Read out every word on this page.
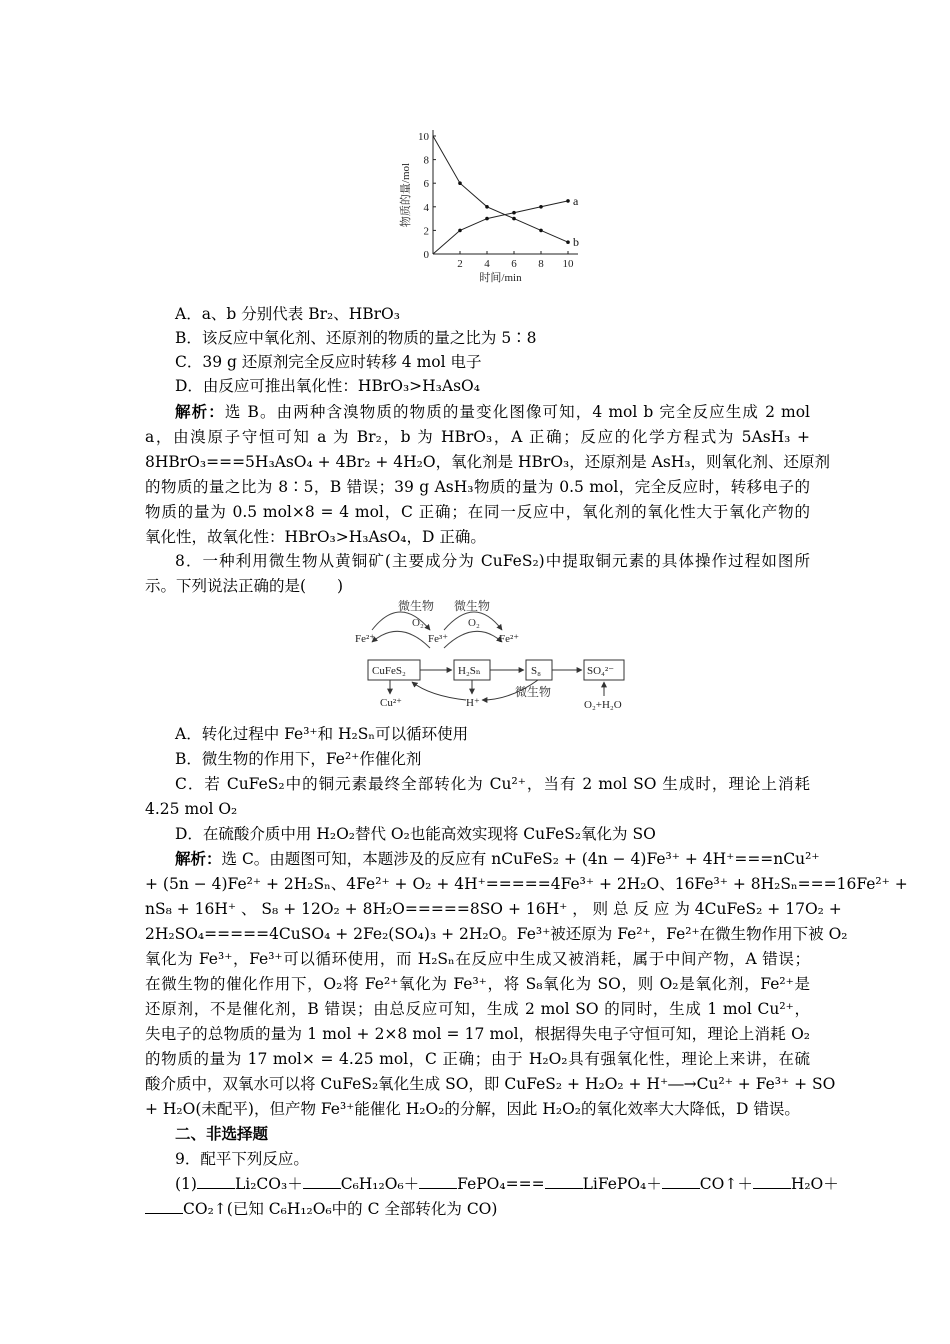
0
2
4
6
8
10
2 4 6 8 10
时间/min
物质的量/mol	a
b
A．a、b 分别代表 Br₂、HBrO₃
B．该反应中氧化剂、还原剂的物质的量之比为 5∶8
C．39 g 还原剂完全反应时转移 4 mol 电子
D．由反应可推出氧化性：HBrO₃>H₃AsO₄
解析：选 B。由两种含溴物质的物质的量变化图像可知，4 mol b 完全反应生成 2 mol
a，由溴原子守恒可知 a 为 Br₂，b 为 HBrO₃，A 正确；反应的化学方程式为 5AsH₃ +
8HBrO₃===5H₃AsO₄ + 4Br₂ + 4H₂O，氧化剂是 HBrO₃，还原剂是 AsH₃，则氧化剂、还原剂
的物质的量之比为 8∶5，B 错误；39 g AsH₃物质的量为 0.5 mol，完全反应时，转移电子的
物质的量为 0.5 mol×8 = 4 mol，C 正确；在同一反应中，氧化剂的氧化性大于氧化产物的
氧化性，故氧化性：HBrO₃>H₃AsO₄，D 正确。
8．一种利用微生物从黄铜矿(主要成分为 CuFeS₂)中提取铜元素的具体操作过程如图所
示。下列说法正确的是(　　)
微生物 微生物
O₂	O₂
Fe²⁺	Fe³⁺	Fe²⁺
CuFeS₂	H₂Sₙ	S₈	SO₄²⁻
Cu²⁺	H⁺
微生物
O₂+H₂O
A．转化过程中 Fe³⁺和 H₂Sₙ可以循环使用
B．微生物的作用下，Fe²⁺作催化剂
C．若 CuFeS₂中的铜元素最终全部转化为 Cu²⁺，当有 2 mol SO 生成时，理论上消耗
4.25 mol O₂
D．在硫酸介质中用 H₂O₂替代 O₂也能高效实现将 CuFeS₂氧化为 SO
解析：选 C。由题图可知，本题涉及的反应有 nCuFeS₂ + (4n − 4)Fe³⁺ + 4H⁺===nCu²⁺
+ (5n − 4)Fe²⁺ + 2H₂Sₙ、4Fe²⁺ + O₂ + 4H⁺=====4Fe³⁺ + 2H₂O、16Fe³⁺ + 8H₂Sₙ===16Fe²⁺ +
nS₈ + 16H⁺ 、 S₈ + 12O₂ + 8H₂O=====8SO + 16H⁺ ， 则 总 反 应 为 4CuFeS₂ + 17O₂ +
2H₂SO₄=====4CuSO₄ + 2Fe₂(SO₄)₃ + 2H₂O。Fe³⁺被还原为 Fe²⁺，Fe²⁺在微生物作用下被 O₂
氧化为 Fe³⁺，Fe³⁺可以循环使用，而 H₂Sₙ在反应中生成又被消耗，属于中间产物，A 错误；
在微生物的催化作用下，O₂将 Fe²⁺氧化为 Fe³⁺，将 S₈氧化为 SO，则 O₂是氧化剂，Fe²⁺是
还原剂，不是催化剂，B 错误；由总反应可知，生成 2 mol SO 的同时，生成 1 mol Cu²⁺，
失电子的总物质的量为 1 mol + 2×8 mol = 17 mol，根据得失电子守恒可知，理论上消耗 O₂
的物质的量为 17 mol× = 4.25 mol，C 正确；由于 H₂O₂具有强氧化性，理论上来讲，在硫
酸介质中，双氧水可以将 CuFeS₂氧化生成 SO，即 CuFeS₂ + H₂O₂ + H⁺―→Cu²⁺ + Fe³⁺ + SO
+ H₂O(未配平)，但产物 Fe³⁺能催化 H₂O₂的分解，因此 H₂O₂的氧化效率大大降低，D 错误。
二、非选择题
9．配平下列反应。
(1) Li₂CO₃＋ C₆H₁₂O₆＋ FePO₄=== LiFePO₄＋ CO↑＋ H₂O＋
CO₂↑(已知 C₆H₁₂O₆中的 C 全部转化为 CO)
